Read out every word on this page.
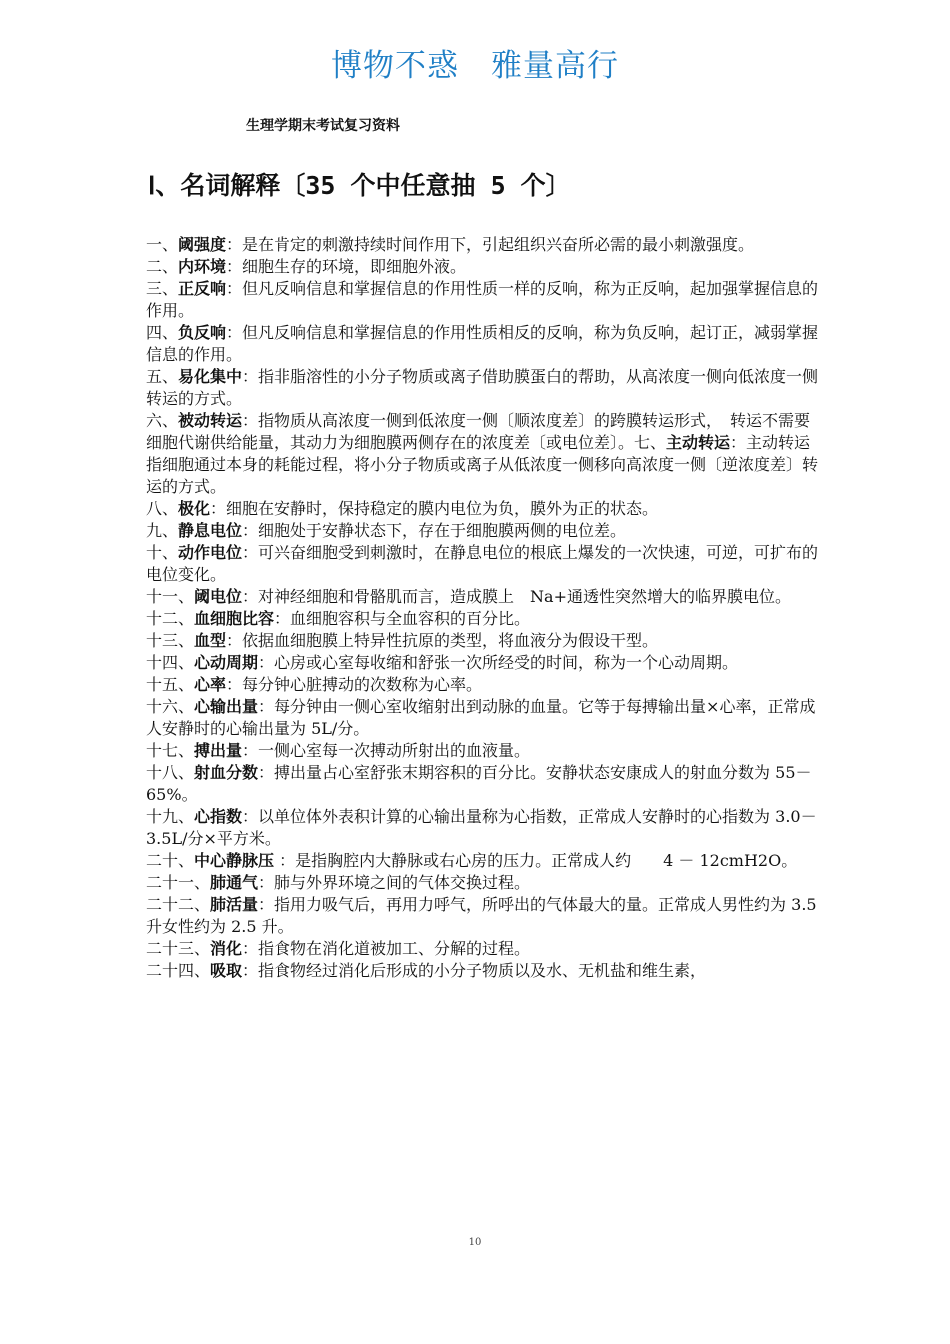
博物不惑　雅量高行
生理学期末考试复习资料
Ⅰ、名词解释〔35 个中任意抽 5 个〕

一、阈强度：是在肯定的刺激持续时间作用下，引起组织兴奋所必需的最小刺激强度。

二、内环境：细胞生存的环境，即细胞外液。

三、正反响：但凡反响信息和掌握信息的作用性质一样的反响，称为正反响，起加强掌握信息的作用。

四、负反响：但凡反响信息和掌握信息的作用性质相反的反响，称为负反响，起订正，减弱掌握信息的作用。

五、易化集中：指非脂溶性的小分子物质或离子借助膜蛋白的帮助，从高浓度一侧向低浓度一侧转运的方式。

六、被动转运：指物质从高浓度一侧到低浓度一侧〔顺浓度差〕的跨膜转运形式，　转运不需要细胞代谢供给能量，其动力为细胞膜两侧存在的浓度差〔或电位差〕。七、主动转运：主动转运指细胞通过本身的耗能过程，将小分子物质或离子从低浓度一侧移向高浓度一侧〔逆浓度差〕转运的方式。

八、极化：细胞在安静时，保持稳定的膜内电位为负，膜外为正的状态。

九、静息电位：细胞处于安静状态下，存在于细胞膜两侧的电位差。

十、动作电位：可兴奋细胞受到刺激时，在静息电位的根底上爆发的一次快速，可逆，可扩布的电位变化。

十一、阈电位：对神经细胞和骨骼肌而言，造成膜上　Na+通透性突然增大的临界膜电位。

十二、血细胞比容：血细胞容积与全血容积的百分比。

十三、血型：依据血细胞膜上特异性抗原的类型，将血液分为假设干型。

十四、心动周期：心房或心室每收缩和舒张一次所经受的时间，称为一个心动周期。

十五、心率：每分钟心脏搏动的次数称为心率。

十六、心输出量：每分钟由一侧心室收缩射出到动脉的血量。它等于每搏输出量×心率，正常成人安静时的心输出量为 5L/分。

十七、搏出量：一侧心室每一次搏动所射出的血液量。

十八、射血分数：搏出量占心室舒张末期容积的百分比。安静状态安康成人的射血分数为 55－65%。

十九、心指数：以单位体外表积计算的心输出量称为心指数，正常成人安静时的心指数为 3.0－3.5L/分×平方米。

二十、中心静脉压 ：是指胸腔内大静脉或右心房的压力。正常成人约　　4 － 12cmH2O。

二十一、肺通气：肺与外界环境之间的气体交换过程。

二十二、肺活量：指用力吸气后，再用力呼气，所呼出的气体最大的量。正常成人男性约为 3.5 升女性约为 2.5 升。

二十三、消化：指食物在消化道被加工、分解的过程。

二十四、吸取：指食物经过消化后形成的小分子物质以及水、无机盐和维生素，

10
